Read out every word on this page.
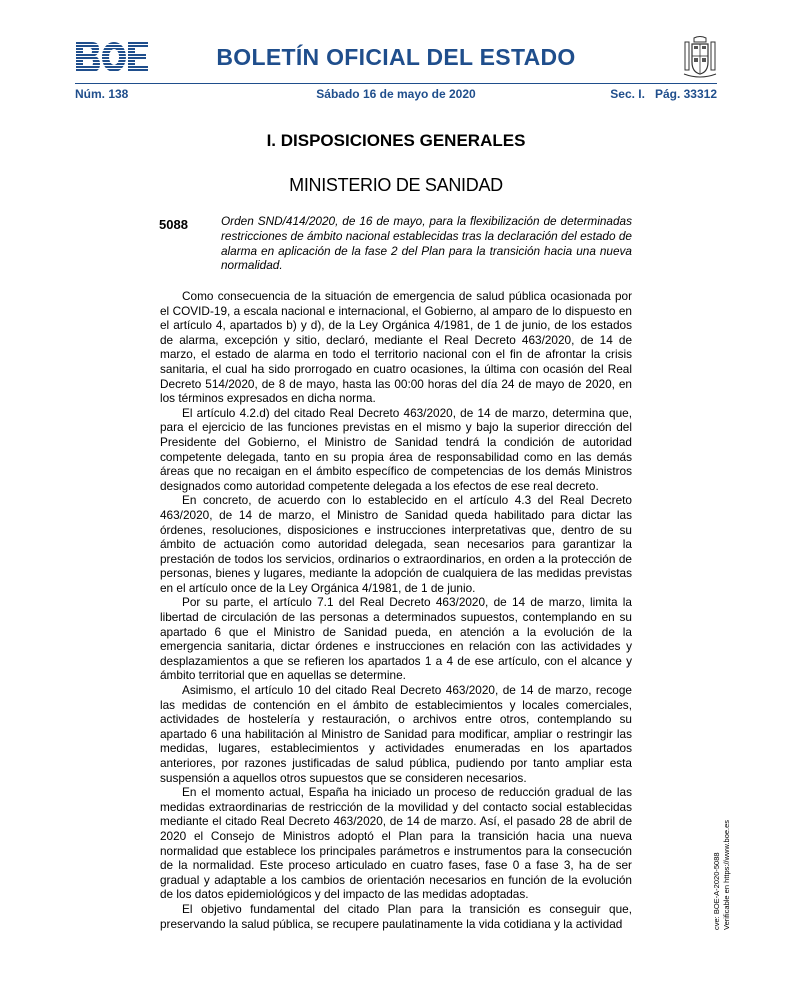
BOLETÍN OFICIAL DEL ESTADO
Núm. 138	Sábado 16 de mayo de 2020	Sec. I.   Pág. 33312
I. DISPOSICIONES GENERALES
MINISTERIO DE SANIDAD
5088	Orden SND/414/2020, de 16 de mayo, para la flexibilización de determinadas restricciones de ámbito nacional establecidas tras la declaración del estado de alarma en aplicación de la fase 2 del Plan para la transición hacia una nueva normalidad.

Como consecuencia de la situación de emergencia de salud pública ocasionada por el COVID-19, a escala nacional e internacional, el Gobierno, al amparo de lo dispuesto en el artículo 4, apartados b) y d), de la Ley Orgánica 4/1981, de 1 de junio, de los estados de alarma, excepción y sitio, declaró, mediante el Real Decreto 463/2020, de 14 de marzo, el estado de alarma en todo el territorio nacional con el fin de afrontar la crisis sanitaria, el cual ha sido prorrogado en cuatro ocasiones, la última con ocasión del Real Decreto 514/2020, de 8 de mayo, hasta las 00:00 horas del día 24 de mayo de 2020, en los términos expresados en dicha norma.

El artículo 4.2.d) del citado Real Decreto 463/2020, de 14 de marzo, determina que, para el ejercicio de las funciones previstas en el mismo y bajo la superior dirección del Presidente del Gobierno, el Ministro de Sanidad tendrá la condición de autoridad competente delegada, tanto en su propia área de responsabilidad como en las demás áreas que no recaigan en el ámbito específico de competencias de los demás Ministros designados como autoridad competente delegada a los efectos de ese real decreto.

En concreto, de acuerdo con lo establecido en el artículo 4.3 del Real Decreto 463/2020, de 14 de marzo, el Ministro de Sanidad queda habilitado para dictar las órdenes, resoluciones, disposiciones e instrucciones interpretativas que, dentro de su ámbito de actuación como autoridad delegada, sean necesarios para garantizar la prestación de todos los servicios, ordinarios o extraordinarios, en orden a la protección de personas, bienes y lugares, mediante la adopción de cualquiera de las medidas previstas en el artículo once de la Ley Orgánica 4/1981, de 1 de junio.

Por su parte, el artículo 7.1 del Real Decreto 463/2020, de 14 de marzo, limita la libertad de circulación de las personas a determinados supuestos, contemplando en su apartado 6 que el Ministro de Sanidad pueda, en atención a la evolución de la emergencia sanitaria, dictar órdenes e instrucciones en relación con las actividades y desplazamientos a que se refieren los apartados 1 a 4 de ese artículo, con el alcance y ámbito territorial que en aquellas se determine.

Asimismo, el artículo 10 del citado Real Decreto 463/2020, de 14 de marzo, recoge las medidas de contención en el ámbito de establecimientos y locales comerciales, actividades de hostelería y restauración, o archivos entre otros, contemplando su apartado 6 una habilitación al Ministro de Sanidad para modificar, ampliar o restringir las medidas, lugares, establecimientos y actividades enumeradas en los apartados anteriores, por razones justificadas de salud pública, pudiendo por tanto ampliar esta suspensión a aquellos otros supuestos que se consideren necesarios.

En el momento actual, España ha iniciado un proceso de reducción gradual de las medidas extraordinarias de restricción de la movilidad y del contacto social establecidas mediante el citado Real Decreto 463/2020, de 14 de marzo. Así, el pasado 28 de abril de 2020 el Consejo de Ministros adoptó el Plan para la transición hacia una nueva normalidad que establece los principales parámetros e instrumentos para la consecución de la normalidad. Este proceso articulado en cuatro fases, fase 0 a fase 3, ha de ser gradual y adaptable a los cambios de orientación necesarios en función de la evolución de los datos epidemiológicos y del impacto de las medidas adoptadas.

El objetivo fundamental del citado Plan para la transición es conseguir que, preservando la salud pública, se recupere paulatinamente la vida cotidiana y la actividad	cve: BOE-A-2020-5088 Verificable en https://www.boe.es
